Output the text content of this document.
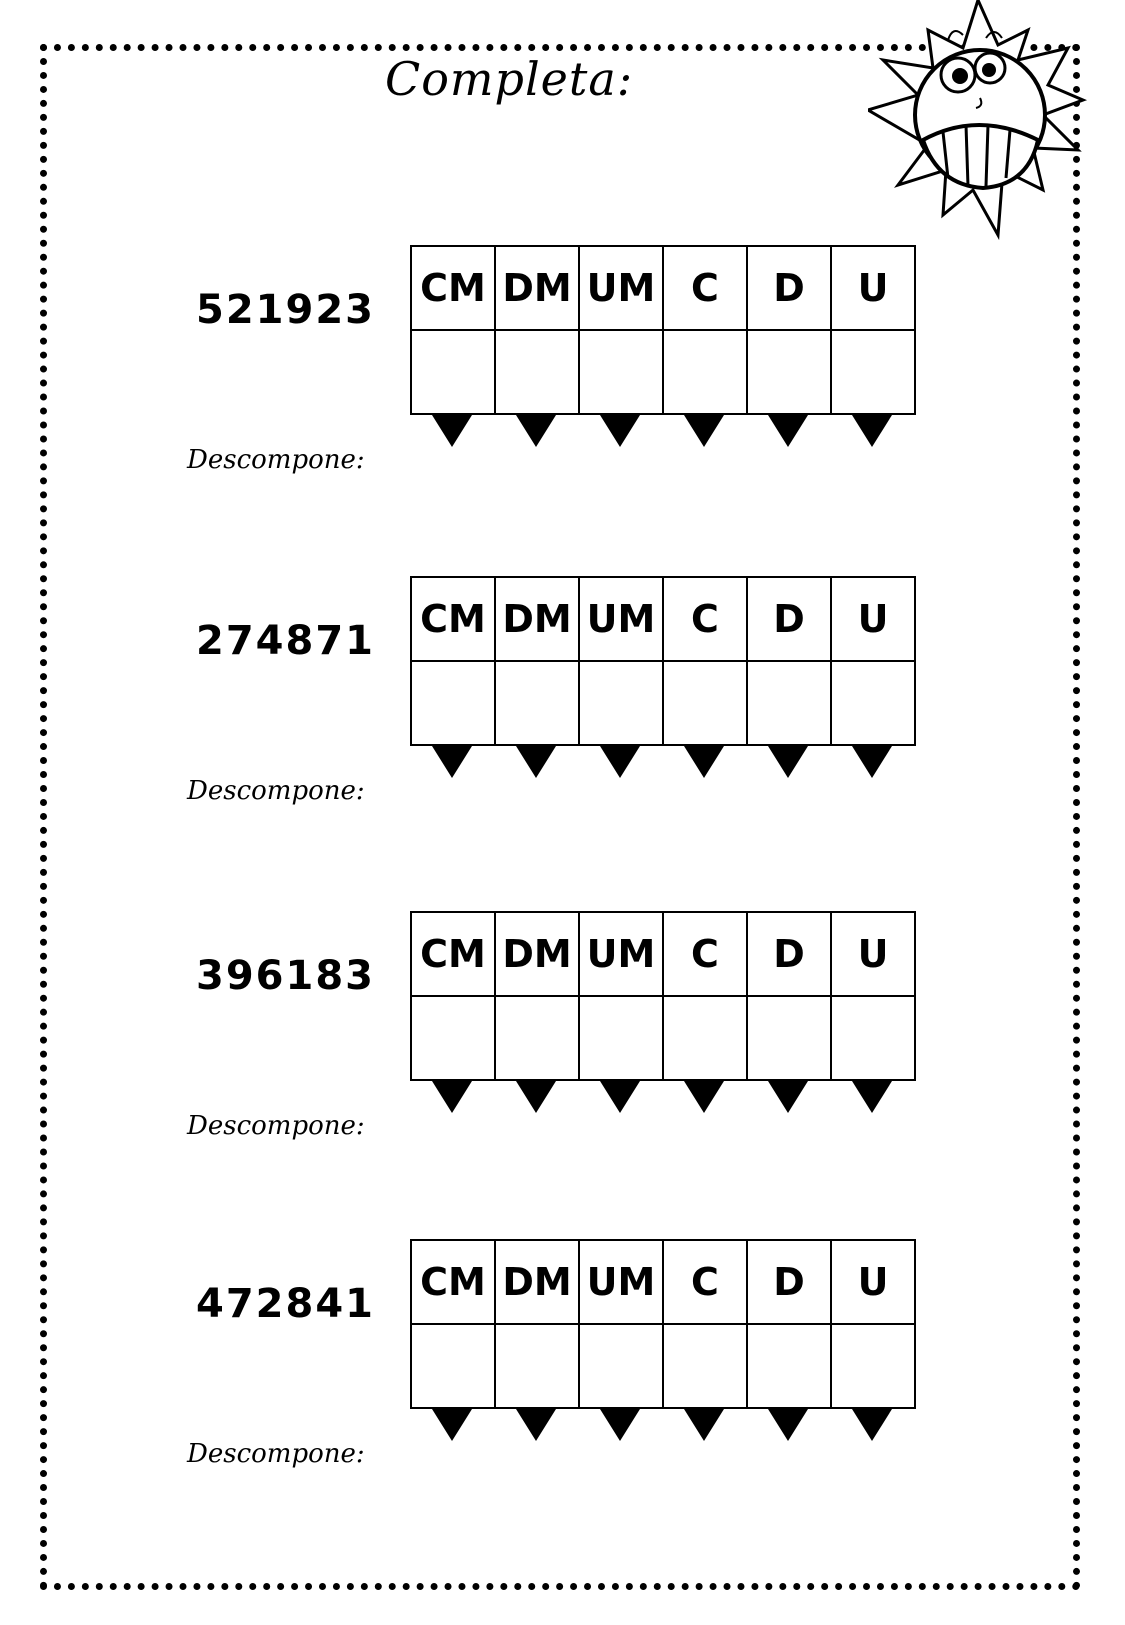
Completa:
521923 CM	DM	UM	C	D	U

Descompone:
274871 CM	DM	UM	C	D	U

Descompone:
396183 CM	DM	UM	C	D	U

Descompone:
472841 CM	DM	UM	C	D	U

Descompone:
